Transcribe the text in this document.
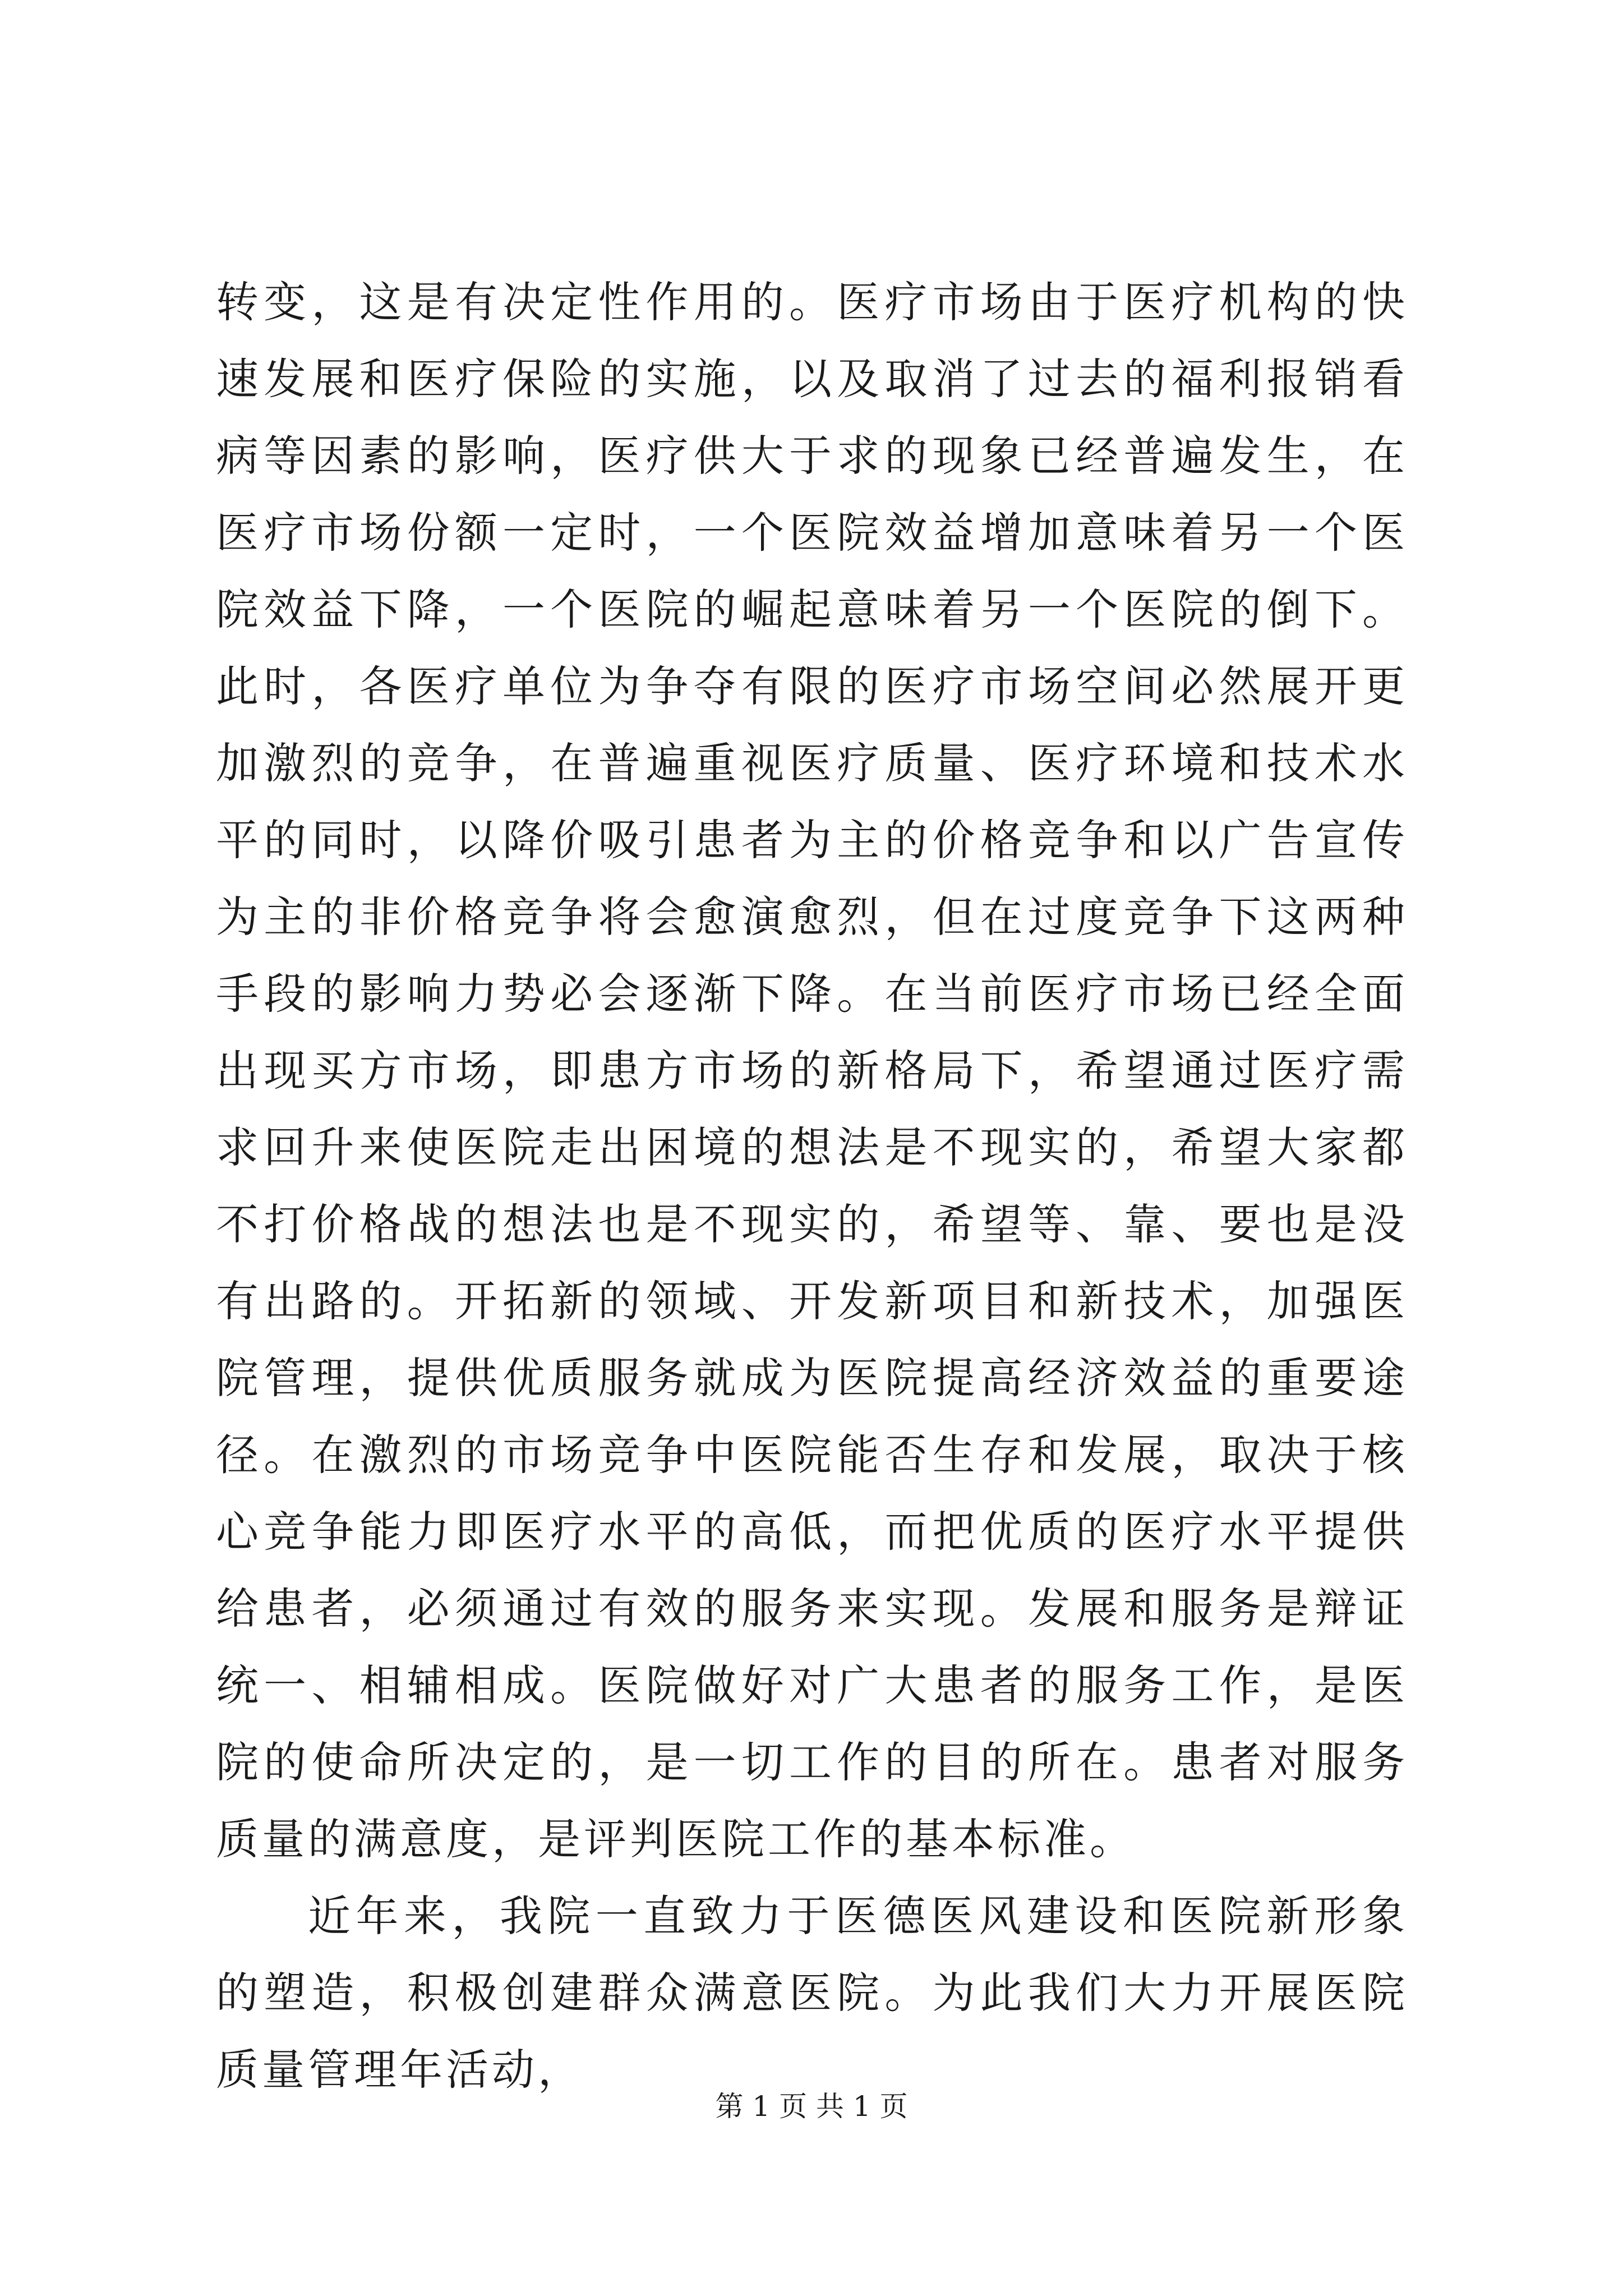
转变，这是有决定性作用的。医疗市场由于医疗机构的快速发展和医疗保险的实施，以及取消了过去的福利报销看病等因素的影响，医疗供大于求的现象已经普遍发生，在医疗市场份额一定时，一个医院效益增加意味着另一个医院效益下降，一个医院的崛起意味着另一个医院的倒下。此时，各医疗单位为争夺有限的医疗市场空间必然展开更加激烈的竞争，在普遍重视医疗质量、医疗环境和技术水平的同时，以降价吸引患者为主的价格竞争和以广告宣传为主的非价格竞争将会愈演愈烈，但在过度竞争下这两种手段的影响力势必会逐渐下降。在当前医疗市场已经全面出现买方市场，即患方市场的新格局下，希望通过医疗需求回升来使医院走出困境的想法是不现实的，希望大家都不打价格战的想法也是不现实的，希望等、靠、要也是没有出路的。开拓新的领域、开发新项目和新技术，加强医院管理，提供优质服务就成为医院提高经济效益的重要途径。在激烈的市场竞争中医院能否生存和发展，取决于核心竞争能力即医疗水平的高低，而把优质的医疗水平提供给患者，必须通过有效的服务来实现。发展和服务是辩证统一、相辅相成。医院做好对广大患者的服务工作，是医院的使命所决定的，是一切工作的目的所在。患者对服务质量的满意度，是评判医院工作的基本标准。

近年来，我院一直致力于医德医风建设和医院新形象的塑造，积极创建群众满意医院。为此我们大力开展医院质量管理年活动，

第 1 页 共 1 页
